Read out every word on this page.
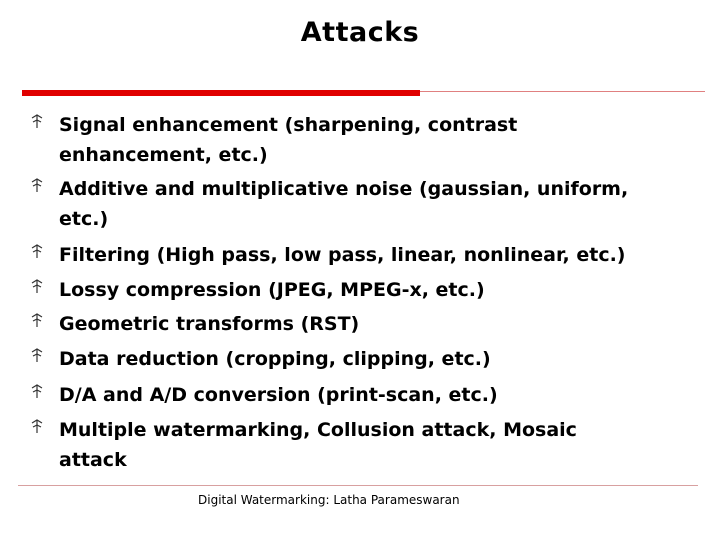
Attacks
Signal enhancement (sharpening, contrast
enhancement, etc.)
Additive and multiplicative noise (gaussian, uniform,
etc.)
Filtering (High pass, low pass, linear, nonlinear, etc.)
Lossy compression (JPEG, MPEG-x, etc.)
Geometric transforms (RST)
Data reduction (cropping, clipping, etc.)
D/A and A/D conversion (print-scan, etc.)
Multiple watermarking, Collusion attack, Mosaic
attack
Digital Watermarking: Latha Parameswaran
